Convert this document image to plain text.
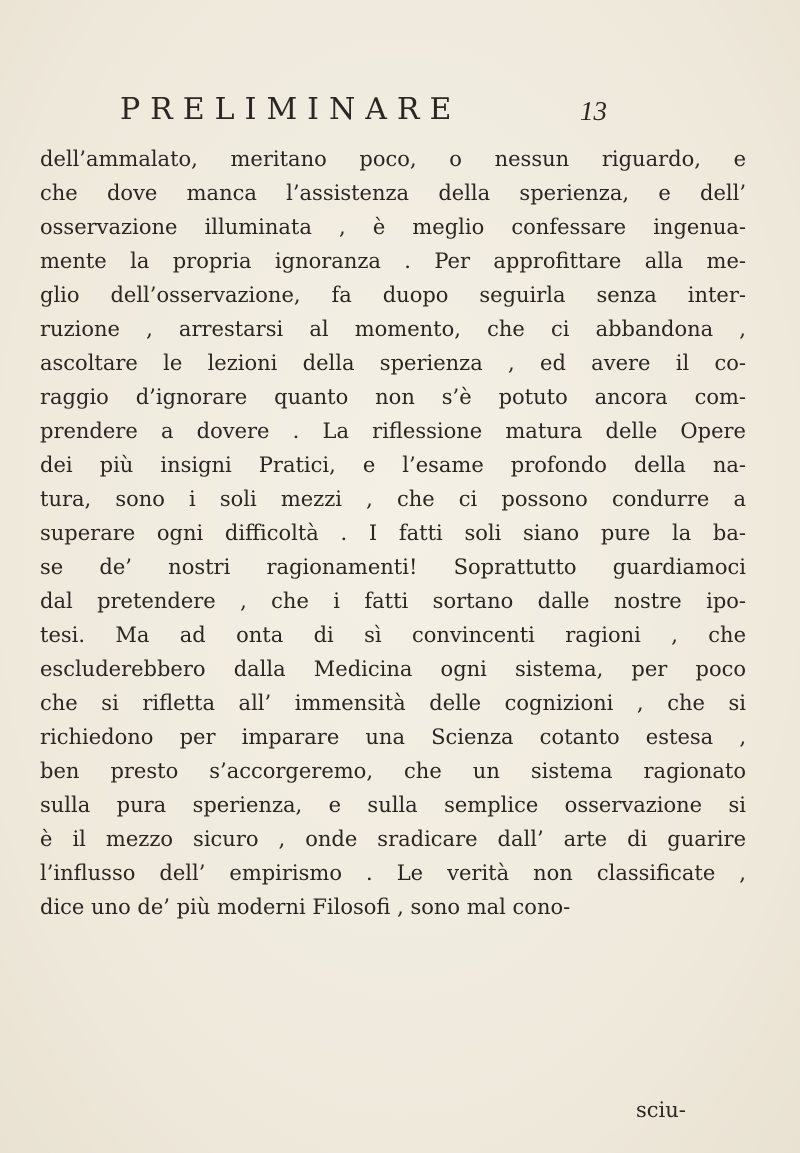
PRELIMINARE	13
dell’ammalato, meritano poco, o nessun riguardo, e
che dove manca l’assistenza della sperienza, e dell’
osservazione illuminata , è meglio confessare ingenua-
mente la propria ignoranza . Per approfittare alla me-
glio dell’osservazione, fa duopo seguirla senza inter-
ruzione , arrestarsi al momento, che ci abbandona ,
ascoltare le lezioni della sperienza , ed avere il co-
raggio d’ignorare quanto non s’è potuto ancora com-
prendere a dovere . La riflessione matura delle Opere
dei più insigni Pratici, e l’esame profondo della na-
tura, sono i soli mezzi , che ci possono condurre a
superare ogni difficoltà . I fatti soli siano pure la ba-
se de’ nostri ragionamenti! Soprattutto guardiamoci
dal pretendere , che i fatti sortano dalle nostre ipo-
tesi. Ma ad onta di sì convincenti ragioni , che
escluderebbero dalla Medicina ogni sistema, per poco
che si rifletta all’ immensità delle cognizioni , che si
richiedono per imparare una Scienza cotanto estesa ,
ben presto s’accorgeremo, che un sistema ragionato
sulla pura sperienza, e sulla semplice osservazione si
è il mezzo sicuro , onde sradicare dall’ arte di guarire
l’influsso dell’ empirismo . Le verità non classificate ,
dice uno de’ più moderni Filosofi , sono mal cono-
sciu-
